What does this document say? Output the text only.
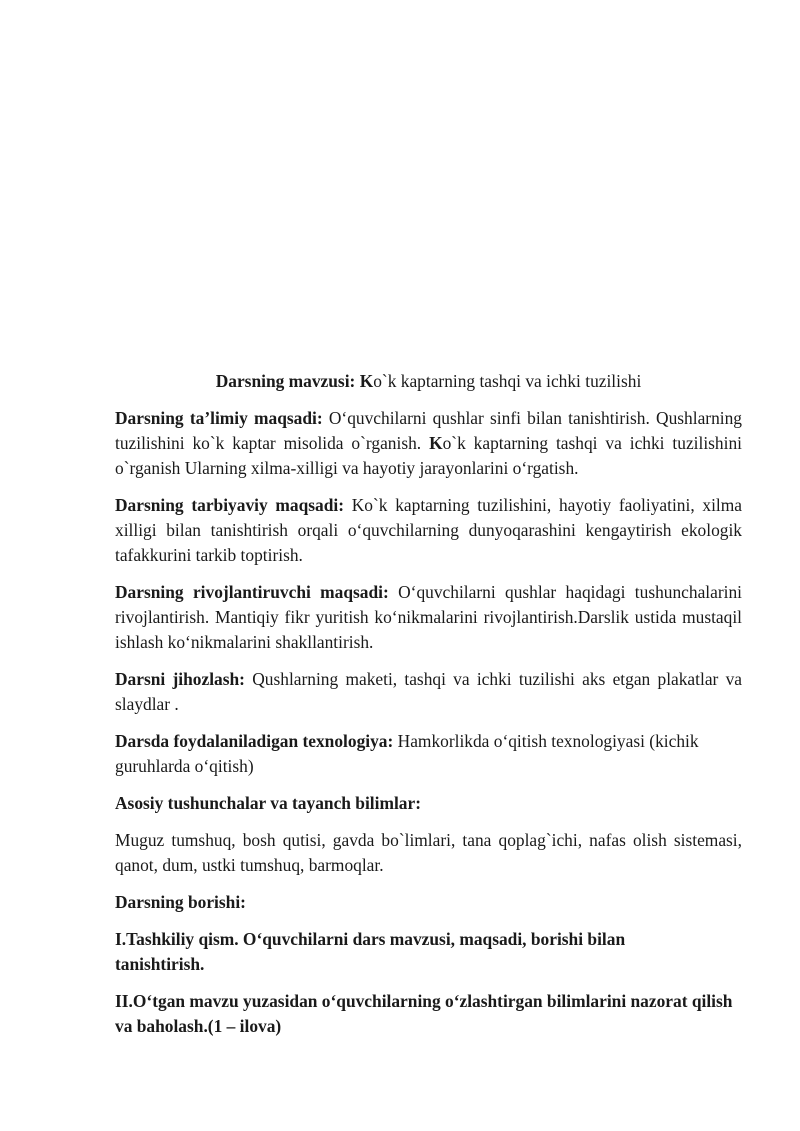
Darsning mavzusi: Ko`k kaptarning tashqi va ichki tuzilishi

Darsning ta’limiy maqsadi: O‘quvchilarni qushlar sinfi bilan tanishtirish. Qushlarning tuzilishini ko`k kaptar misolida o`rganish. Ko`k kaptarning tashqi va ichki tuzilishini o`rganish Ularning xilma-xilligi va hayotiy jarayonlarini o‘rgatish.

Darsning tarbiyaviy maqsadi: Ko`k kaptarning tuzilishini, hayotiy faoliyatini, xilma xilligi bilan tanishtirish orqali o‘quvchilarning dunyoqarashini kengaytirish ekologik tafakkurini tarkib toptirish.

Darsning rivojlantiruvchi maqsadi: O‘quvchilarni qushlar haqidagi tushunchalarini rivojlantirish. Mantiqiy fikr yuritish ko‘nikmalarini rivojlantirish.Darslik ustida mustaqil ishlash ko‘nikmalarini shakllantirish.

Darsni jihozlash: Qushlarning maketi, tashqi va ichki tuzilishi aks etgan plakatlar va slaydlar .

Darsda foydalaniladigan texnologiya: Hamkorlikda o‘qitish texnologiyasi (kichik guruhlarda o‘qitish)

Asosiy tushunchalar va tayanch bilimlar:

Muguz tumshuq, bosh qutisi, gavda bo`limlari, tana qoplag`ichi, nafas olish sistemasi, qanot, dum, ustki tumshuq, barmoqlar.

Darsning borishi:

I.Tashkiliy qism. O‘quvchilarni dars mavzusi, maqsadi, borishi bilan tanishtirish.

II.O‘tgan mavzu yuzasidan o‘quvchilarning o‘zlashtirgan bilimlarini nazorat qilish va baholash.(1 – ilova)
